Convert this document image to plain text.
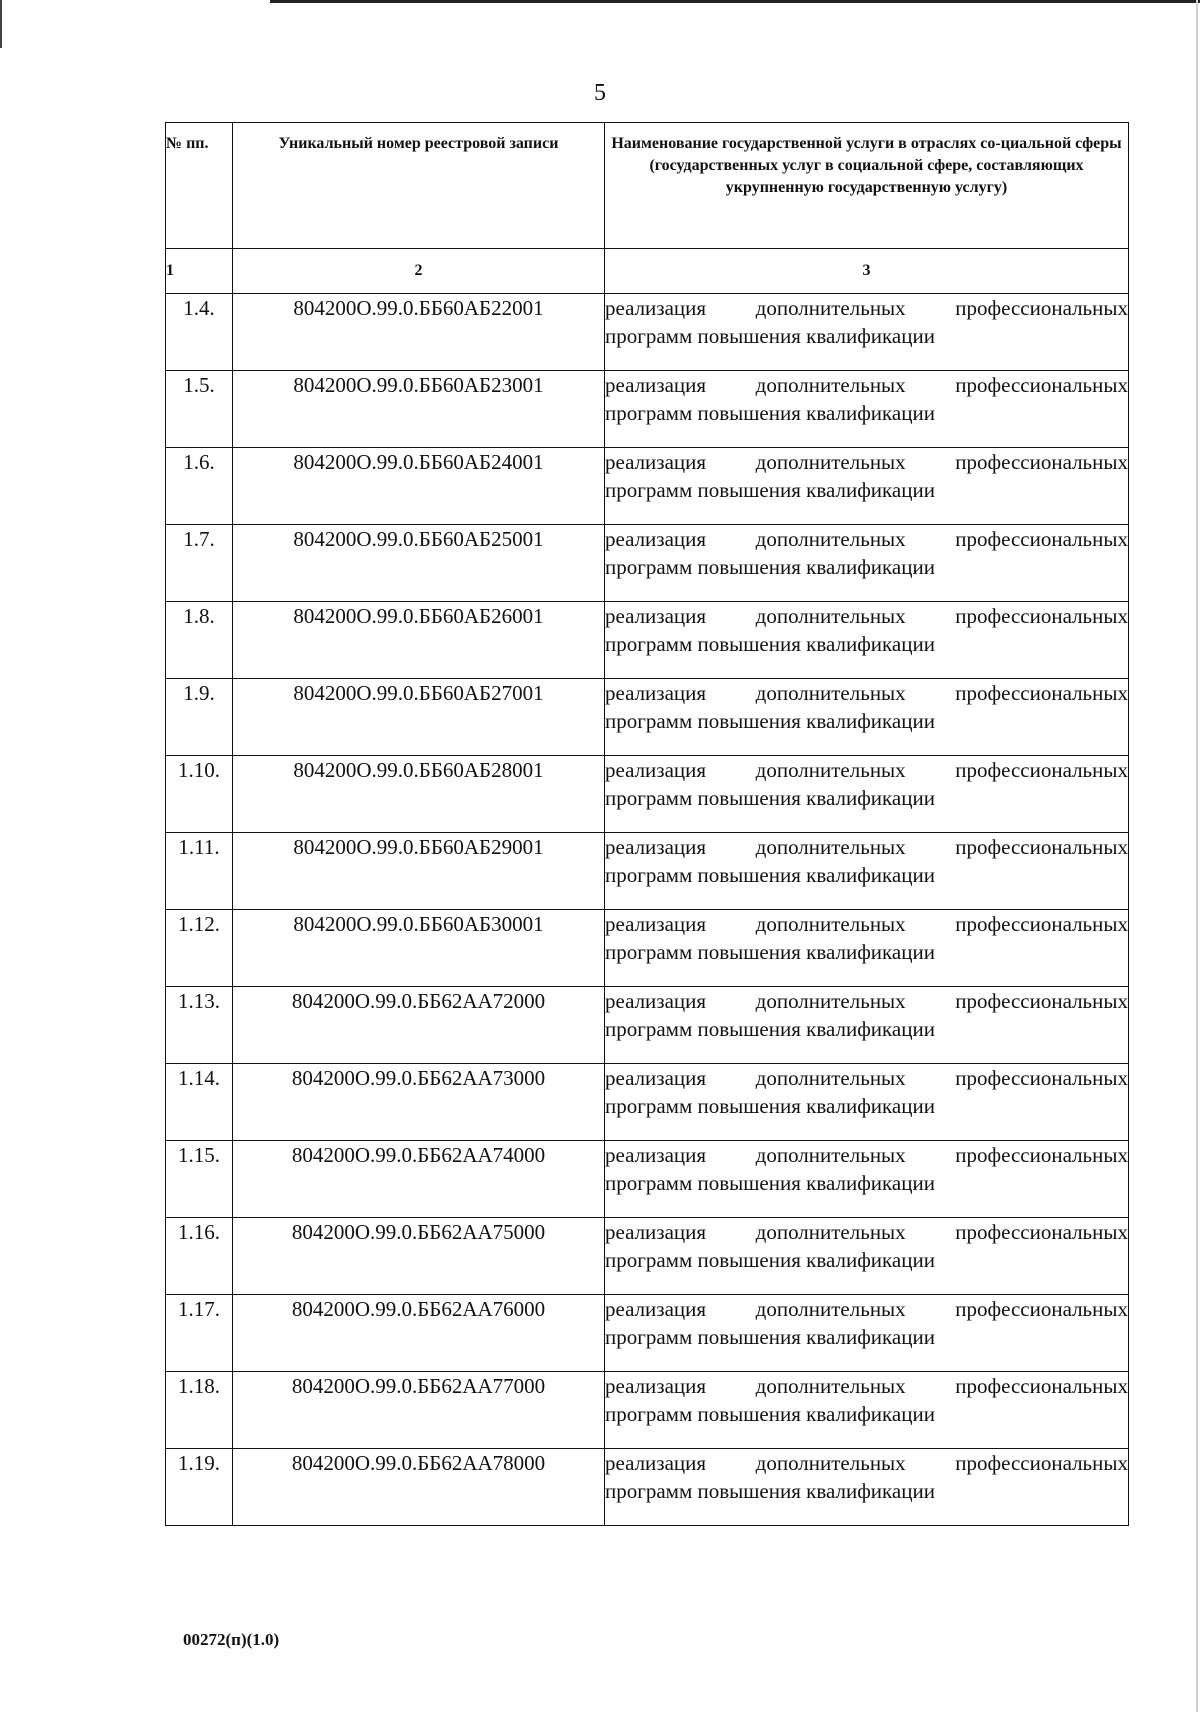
5
№ пп.	Уникальный номер реестровой записи	Наименование государственной услуги в отраслях со-циальной сферы (государственных услуг в социальной сфере, составляющих укрупненную государственную услугу)
1	2	3
1.4.	804200О.99.0.ББ60АБ22001	реализация дополнительных профессиональных
программ повышения квалификации

1.5.	804200О.99.0.ББ60АБ23001	реализация дополнительных профессиональных
программ повышения квалификации

1.6.	804200О.99.0.ББ60АБ24001	реализация дополнительных профессиональных
программ повышения квалификации

1.7.	804200О.99.0.ББ60АБ25001	реализация дополнительных профессиональных
программ повышения квалификации

1.8.	804200О.99.0.ББ60АБ26001	реализация дополнительных профессиональных
программ повышения квалификации

1.9.	804200О.99.0.ББ60АБ27001	реализация дополнительных профессиональных
программ повышения квалификации

1.10.	804200О.99.0.ББ60АБ28001	реализация дополнительных профессиональных
программ повышения квалификации

1.11.	804200О.99.0.ББ60АБ29001	реализация дополнительных профессиональных
программ повышения квалификации

1.12.	804200О.99.0.ББ60АБ30001	реализация дополнительных профессиональных
программ повышения квалификации

1.13.	804200О.99.0.ББ62АА72000	реализация дополнительных профессиональных
программ повышения квалификации

1.14.	804200О.99.0.ББ62АА73000	реализация дополнительных профессиональных
программ повышения квалификации

1.15.	804200О.99.0.ББ62АА74000	реализация дополнительных профессиональных
программ повышения квалификации

1.16.	804200О.99.0.ББ62АА75000	реализация дополнительных профессиональных
программ повышения квалификации

1.17.	804200О.99.0.ББ62АА76000	реализация дополнительных профессиональных
программ повышения квалификации

1.18.	804200О.99.0.ББ62АА77000	реализация дополнительных профессиональных
программ повышения квалификации

1.19.	804200О.99.0.ББ62АА78000	реализация дополнительных профессиональных
программ повышения квалификации
00272(п)(1.0)
